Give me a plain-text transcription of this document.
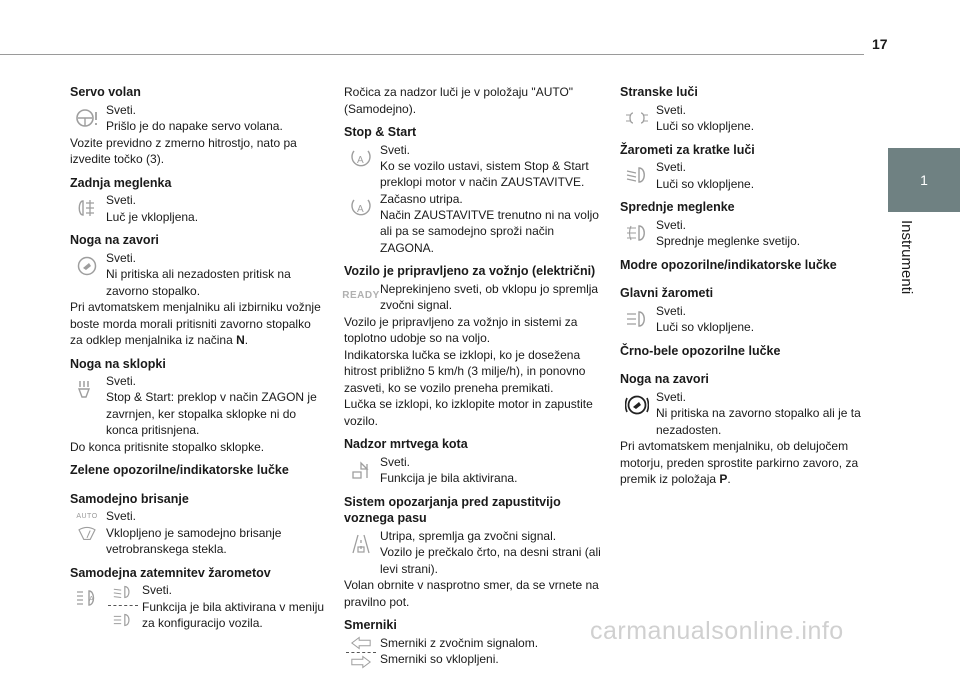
17
1
Instrumenti
Servo volan

Sveti.

Prišlo je do napake servo volana.

Vozite previdno z zmerno hitrostjo, nato pa izvedite točko (3).

Zadnja meglenka

Sveti.

Luč je vklopljena.

Noga na zavori

Sveti.

Ni pritiska ali nezadosten pritisk na zavorno stopalko.

Pri avtomatskem menjalniku ali izbirniku vožnje boste morda morali pritisniti zavorno stopalko za odklep menjalnika iz načina N.

Noga na sklopki

Sveti.

Stop & Start: preklop v način ZAGON je zavrnjen, ker stopalka sklopke ni do konca pritisnjena.

Do konca pritisnite stopalko sklopke.

Zelene opozorilne/indikatorske lučke
Samodejno brisanje
AUTO Sveti.

Vklopljeno je samodejno brisanje vetrobranskega stekla.

Samodejna zatemnitev žarometov
A

Sveti.

Funkcija je bila aktivirana v meniju za konfiguracijo vozila.

Ročica za nadzor luči je v položaju "AUTO" (Samodejno).

Stop & Start
A

Sveti.

Ko se vozilo ustavi, sistem Stop & Start preklopi motor v način ZAUSTAVITVE.

A

Začasno utripa.

Način ZAUSTAVITVE trenutno ni na voljo ali pa se samodejno sproži način ZAGONA.

Vozilo je pripravljeno za vožnjo (električni)
READY

Neprekinjeno sveti, ob vklopu jo spremlja zvočni signal.

Vozilo je pripravljeno za vožnjo in sistemi za toplotno udobje so na voljo.

Indikatorska lučka se izklopi, ko je dosežena hitrost približno 5 km/h (3 milje/h), in ponovno zasveti, ko se vozilo preneha premikati.

Lučka se izklopi, ko izklopite motor in zapustite vozilo.

Nadzor mrtvega kota

Sveti.

Funkcija je bila aktivirana.

Sistem opozarjanja pred zapustitvijo voznega pasu

Utripa, spremlja ga zvočni signal.

Vozilo je prečkalo črto, na desni strani (ali levi strani).

Volan obrnite v nasprotno smer, da se vrnete na pravilno pot.

Smerniki

Smerniki z zvočnim signalom.

Smerniki so vklopljeni.

Stranske luči

Sveti.

Luči so vklopljene.

Žarometi za kratke luči

Sveti.

Luči so vklopljene.

Sprednje meglenke

Sveti.

Sprednje meglenke svetijo.

Modre opozorilne/indikatorske lučke
Glavni žarometi

Sveti.

Luči so vklopljene.

Črno-bele opozorilne lučke
Noga na zavori

Sveti.

Ni pritiska na zavorno stopalko ali je ta nezadosten.

Pri avtomatskem menjalniku, ob delujočem motorju, preden sprostite parkirno zavoro, za premik iz položaja P.

carmanualsonline.info
